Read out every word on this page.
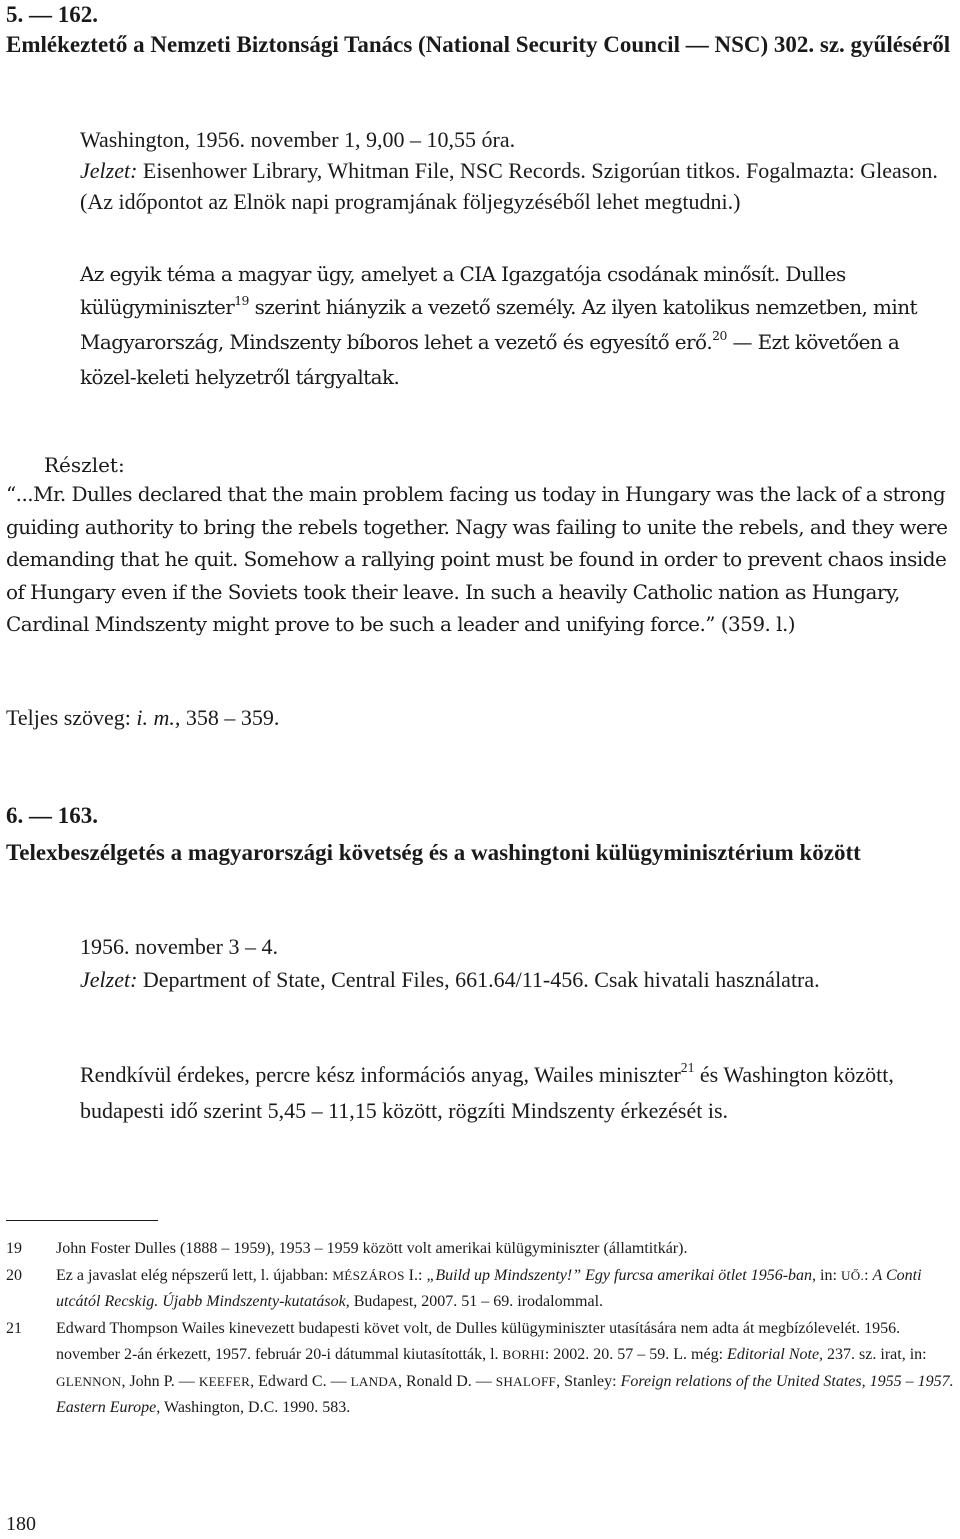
5. — 162.
Emlékeztető a Nemzeti Biztonsági Tanács (National Security Council — NSC) 302. sz. gyűléséről
Washington, 1956. november 1, 9,00 – 10,55 óra.
Jelzet: Eisenhower Library, Whitman File, NSC Records. Szigorúan titkos. Fogalmazta: Gleason. (Az időpontot az Elnök napi programjának följegyzéséből lehet megtudni.)
Az egyik téma a magyar ügy, amelyet a CIA Igazgatója csodának minősít. Dulles külügyminiszter$^{19}$ szerint hiányzik a vezető személy. Az ilyen katolikus nemzetben, mint Magyarország, Mindszenty bíboros lehet a vezető és egyesítő erő.$^{20}$ — Ezt követően a közel-keleti helyzetről tárgyaltak.
Részlet:
“...Mr. Dulles declared that the main problem facing us today in Hungary was the lack of a strong guiding authority to bring the rebels together. Nagy was failing to unite the rebels, and they were demanding that he quit. Somehow a rallying point must be found in order to prevent chaos inside of Hungary even if the Soviets took their leave. In such a heavily Catholic nation as Hungary, Cardinal Mindszenty might prove to be such a leader and unifying force.” (359. l.)
Teljes szöveg: i. m., 358 – 359.
6. — 163.
Telexbeszélgetés a magyarországi követség és a washingtoni külügyminisztérium között
1956. november 3 – 4.
Jelzet: Department of State, Central Files, 661.64/11-456. Csak hivatali használatra.
Rendkívül érdekes, percre kész információs anyag, Wailes miniszter$^{21}$ és Washington között, budapesti idő szerint 5,45 – 11,15 között, rögzíti Mindszenty érkezését is.
19	John Foster Dulles (1888 – 1959), 1953 – 1959 között volt amerikai külügyminiszter (államtitkár).
20	Ez a javaslat elég népszerű lett, l. újabban: MÉSZÁROS I.: „Build up Mindszenty!” Egy furcsa amerikai ötlet 1956-ban, in: UŐ.: A Conti utcától Recskig. Újabb Mindszenty-kutatások, Budapest, 2007. 51 – 69. irodalommal.
21	Edward Thompson Wailes kinevezett budapesti követ volt, de Dulles külügyminiszter utasítására nem adta át megbízólevelét. 1956. november 2-án érkezett, 1957. február 20-i dátummal kiutasították, l. BORHI: 2002. 20. 57 – 59. L. még: Editorial Note, 237. sz. irat, in: GLENNON, John P. — KEEFER, Edward C. — LANDA, Ronald D. — SHALOFF, Stanley: Foreign relations of the United States, 1955 – 1957. Eastern Europe, Washington, D.C. 1990. 583.
180
